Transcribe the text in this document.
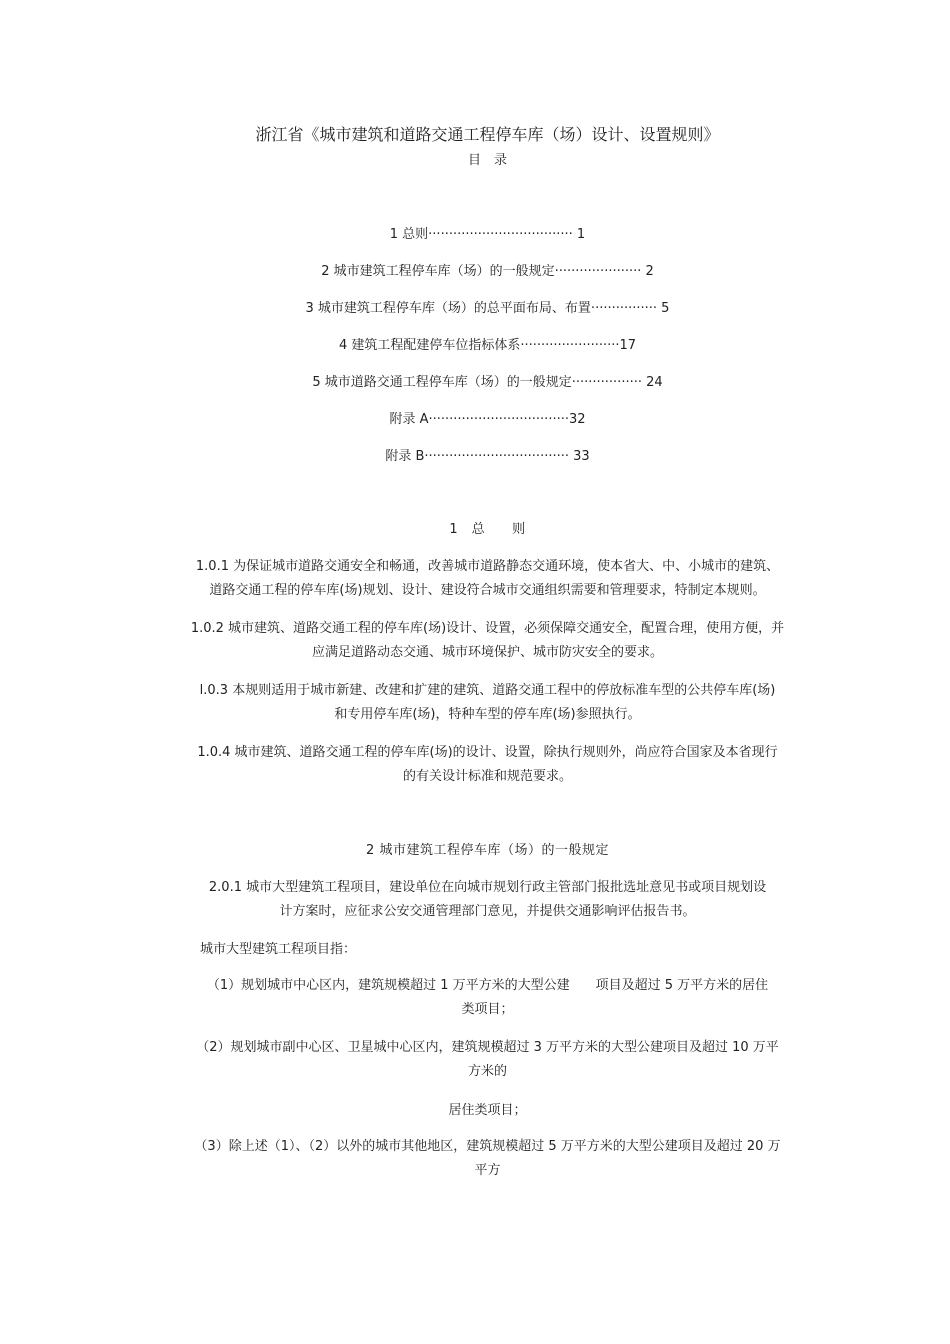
浙江省《城市建筑和道路交通工程停车库（场）设计、设置规则》
目　录
1 总则··································· 1
2 城市建筑工程停车库（场）的一般规定····················· 2
3 城市建筑工程停车库（场）的总平面布局、布置················ 5
4 建筑工程配建停车位指标体系························17
5 城市道路交通工程停车库（场）的一般规定················· 24
附录 A··································32
附录 B··································· 33
1　总　　则
1.0.1 为保证城市道路交通安全和畅通，改善城市道路静态交通环境，使本省大、中、小城市的建筑、
道路交通工程的停车库(场)规划、设计、建设符合城市交通组织需要和管理要求，特制定本规则。
1.0.2 城市建筑、道路交通工程的停车库(场)设计、设置，必须保障交通安全，配置合理，使用方便，并
应满足道路动态交通、城市环境保护、城市防灾安全的要求。
l.0.3 本规则适用于城市新建、改建和扩建的建筑、道路交通工程中的停放标准车型的公共停车库(场)
和专用停车库(场)，特种车型的停车库(场)参照执行。
1.0.4 城市建筑、道路交通工程的停车库(场)的设计、设置，除执行规则外，尚应符合国家及本省现行
的有关设计标准和规范要求。
2 城市建筑工程停车库（场）的一般规定
2.0.1 城市大型建筑工程项目，建设单位在向城市规划行政主管部门报批选址意见书或项目规划设
计方案时，应征求公安交通管理部门意见，并提供交通影响评估报告书。
城市大型建筑工程项目指：
（1）规划城市中心区内，建筑规模超过 1 万平方米的大型公建　　项目及超过 5 万平方米的居住
类项目；
（2）规划城市副中心区、卫星城中心区内，建筑规模超过 3 万平方米的大型公建项目及超过 10 万平
方米的
居住类项目；
（3）除上述（1）、（2）以外的城市其他地区，建筑规模超过 5 万平方米的大型公建项目及超过 20 万
平方
